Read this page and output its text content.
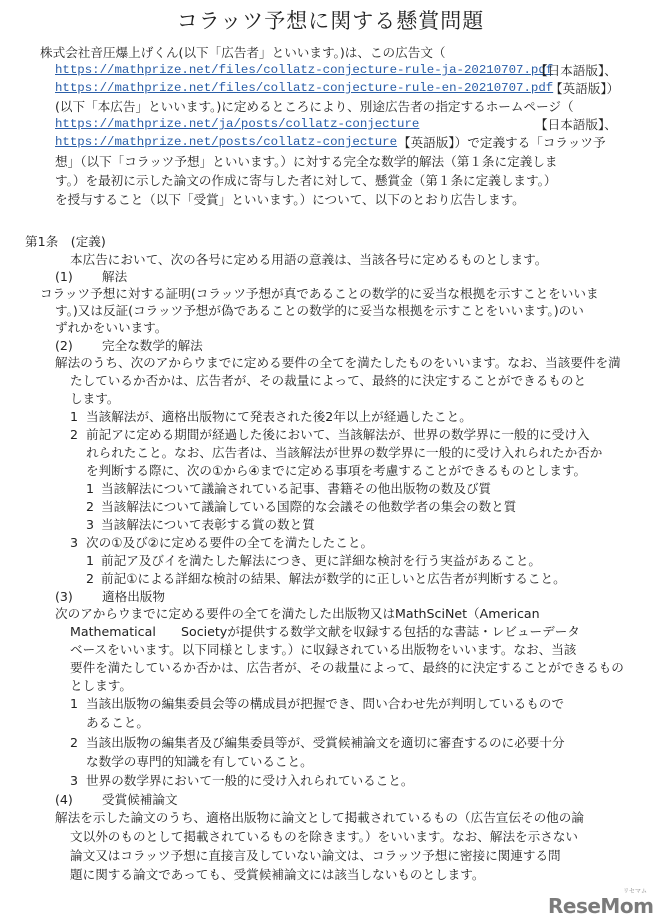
コラッツ予想に関する懸賞問題
株式会社音圧爆上げくん(以下「広告者」といいます。)は、この広告文（
https://mathprize.net/files/collatz-conjecture-rule-ja-20210707.pdf
【日本語版】、
https://mathprize.net/files/collatz-conjecture-rule-en-20210707.pdf
【英語版】）
(以下「本広告」といいます。)に定めるところにより、別途広告者の指定するホームページ（
https://mathprize.net/ja/posts/collatz-conjecture	【日本語版】、
https://mathprize.net/posts/collatz-conjecture 【英語版】）で定義する「コラッツ予
想」（以下「コラッツ予想」といいます。）に対する完全な数学的解法（第１条に定義しま
す。）を最初に示した論文の作成に寄与した者に対して、懸賞金（第１条に定義します。）
を授与すること（以下「受賞」といいます。）について、以下のとおり広告します。
第1条　(定義)
本広告において、次の各号に定める用語の意義は、当該各号に定めるものとします。
(1) 解法
コラッツ予想に対する証明(コラッツ予想が真であることの数学的に妥当な根拠を示すことをいいま
す。)又は反証(コラッツ予想が偽であることの数学的に妥当な根拠を示すことをいいます。)のい
ずれかをいいます。
(2) 完全な数学的解法
解法のうち、次のアからウまでに定める要件の全てを満たしたものをいいます。なお、当該要件を満
たしているか否かは、広告者が、その裁量によって、最終的に決定することができるものと
します。
1 当該解法が、適格出版物にて発表された後2年以上が経過したこと。
2 前記アに定める期間が経過した後において、当該解法が、世界の数学界に一般的に受け入
れられたこと。なお、広告者は、当該解法が世界の数学界に一般的に受け入れられたか否か
を判断する際に、次の①から④までに定める事項を考慮することができるものとします。
1 当該解法について議論されている記事、書籍その他出版物の数及び質
2 当該解法について議論している国際的な会議その他数学者の集会の数と質
3 当該解法について表彰する賞の数と質
3 次の①及び②に定める要件の全てを満たしたこと。
1 前記ア及びイを満たした解法につき、更に詳細な検討を行う実益があること。
2 前記①による詳細な検討の結果、解法が数学的に正しいと広告者が判断すること。
(3) 適格出版物
次のアからウまでに定める要件の全てを満たした出版物又はMathSciNet（American
Mathematical　　Societyが提供する数学文献を収録する包括的な書誌・レビューデータ
ベースをいいます。以下同様とします。）に収録されている出版物をいいます。なお、当該
要件を満たしているか否かは、広告者が、その裁量によって、最終的に決定することができるもの
とします。
1 当該出版物の編集委員会等の構成員が把握でき、問い合わせ先が判明しているもので
あること。
2 当該出版物の編集者及び編集委員等が、受賞候補論文を適切に審査するのに必要十分
な数学の専門的知識を有していること。
3 世界の数学界において一般的に受け入れられていること。
(4) 受賞候補論文
解法を示した論文のうち、適格出版物に論文として掲載されているもの（広告宣伝その他の論
文以外のものとして掲載されているものを除きます。）をいいます。なお、解法を示さない
論文又はコラッツ予想に直接言及していない論文は、コラッツ予想に密接に関連する問
題に関する論文であっても、受賞候補論文には該当しないものとします。
リセマム
ReseMom
